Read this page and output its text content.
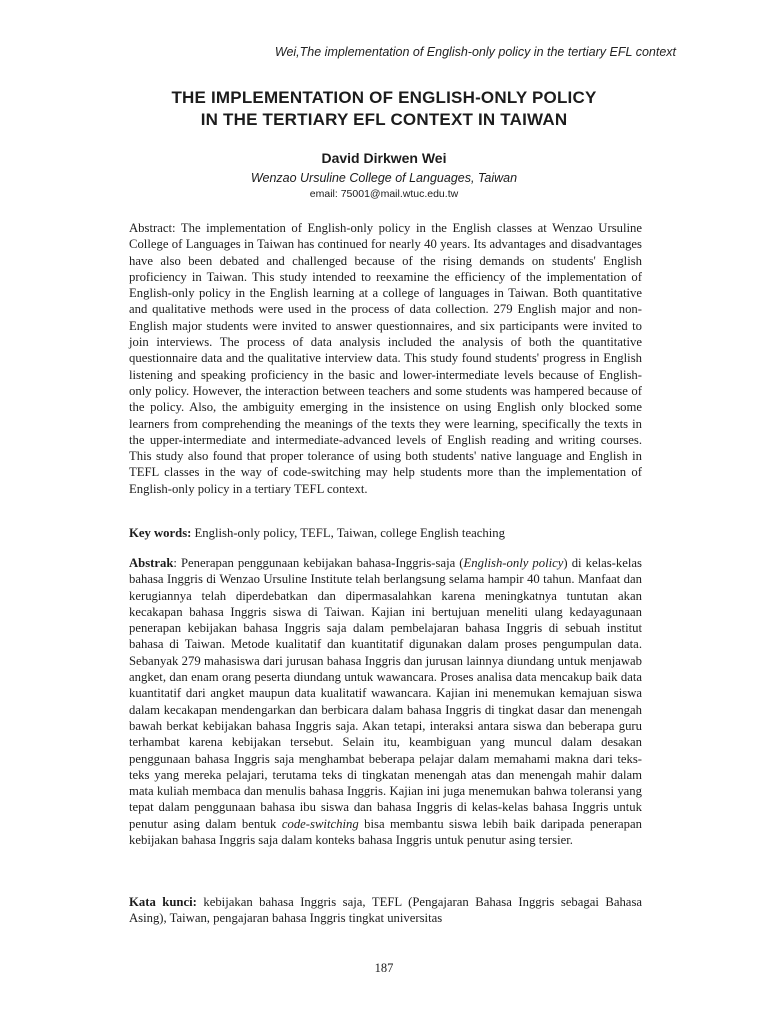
Wei,The implementation of English-only policy in the tertiary EFL context
THE IMPLEMENTATION OF ENGLISH-ONLY POLICY
IN THE TERTIARY EFL CONTEXT IN TAIWAN
David Dirkwen Wei
Wenzao Ursuline College of Languages, Taiwan
email: 75001@mail.wtuc.edu.tw

Abstract: The implementation of English-only policy in the English classes at Wenzao Ursuline College of Languages in Taiwan has continued for nearly 40 years. Its advantages and disadvantages have also been debated and challenged because of the rising demands on students' English proficiency in Taiwan. This study intended to reexamine the efficiency of the implementation of English-only policy in the English learning at a college of languages in Taiwan. Both quantitative and qualitative methods were used in the process of data collection. 279 English major and non-English major students were invited to answer questionnaires, and six participants were invited to join interviews. The process of data analysis included the analysis of both the quantitative questionnaire data and the qualitative interview data. This study found students' progress in English listening and speaking proficiency in the basic and lower-intermediate levels because of English-only policy. However, the interaction between teachers and some students was hampered because of the policy. Also, the ambiguity emerging in the insistence on using English only blocked some learners from comprehending the meanings of the texts they were learning, specifically the texts in the upper-intermediate and intermediate-advanced levels of English reading and writing courses. This study also found that proper tolerance of using both students' native language and English in TEFL classes in the way of code-switching may help students more than the implementation of English-only policy in a tertiary TEFL context.

Key words: English-only policy, TEFL, Taiwan, college English teaching

Abstrak: Penerapan penggunaan kebijakan bahasa-Inggris-saja (English-only policy) di kelas-kelas bahasa Inggris di Wenzao Ursuline Institute telah berlangsung selama hampir 40 tahun. Manfaat dan kerugiannya telah diperdebatkan dan dipermasalahkan karena meningkatnya tuntutan akan kecakapan bahasa Inggris siswa di Taiwan. Kajian ini bertujuan meneliti ulang kedayagunaan penerapan kebijakan bahasa Inggris saja dalam pembelajaran bahasa Inggris di sebuah institut bahasa di Taiwan. Metode kualitatif dan kuantitatif digunakan dalam proses pengumpulan data. Sebanyak 279 mahasiswa dari jurusan bahasa Inggris dan jurusan lainnya diundang untuk menjawab angket, dan enam orang peserta diundang untuk wawancara. Proses analisa data mencakup baik data kuantitatif dari angket maupun data kualitatif wawancara. Kajian ini menemukan kemajuan siswa dalam kecakapan mendengarkan dan berbicara dalam bahasa Inggris di tingkat dasar dan menengah bawah berkat kebijakan bahasa Inggris saja. Akan tetapi, interaksi antara siswa dan beberapa guru terhambat karena kebijakan tersebut. Selain itu, keambiguan yang muncul dalam desakan penggunaan bahasa Inggris saja menghambat beberapa pelajar dalam memahami makna dari teks-teks yang mereka pelajari, terutama teks di tingkatan menengah atas dan menengah mahir dalam mata kuliah membaca dan menulis bahasa Inggris. Kajian ini juga menemukan bahwa toleransi yang tepat dalam penggunaan bahasa ibu siswa dan bahasa Inggris di kelas-kelas bahasa Inggris untuk penutur asing dalam bentuk code-switching bisa membantu siswa lebih baik daripada penerapan kebijakan bahasa Inggris saja dalam konteks bahasa Inggris untuk penutur asing tersier.

Kata kunci: kebijakan bahasa Inggris saja, TEFL (Pengajaran Bahasa Inggris sebagai Bahasa Asing), Taiwan, pengajaran bahasa Inggris tingkat universitas

187
